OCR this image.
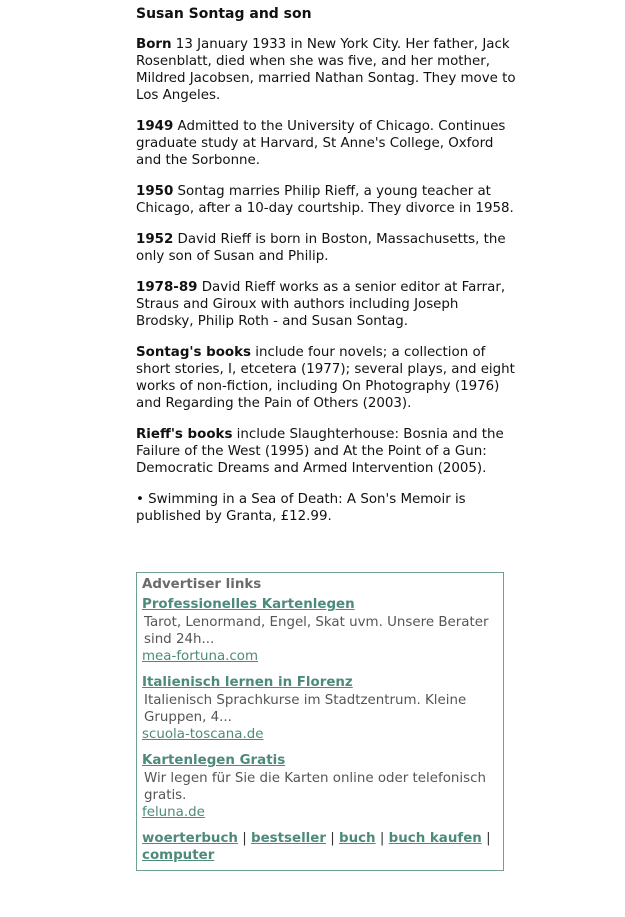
Susan Sontag and son

Born 13 January 1933 in New York City. Her father, Jack Rosenblatt, died when she was five, and her mother, Mildred Jacobsen, married Nathan Sontag. They move to Los Angeles.

1949 Admitted to the University of Chicago. Continues graduate study at Harvard, St Anne's College, Oxford and the Sorbonne.

1950 Sontag marries Philip Rieff, a young teacher at Chicago, after a 10-day courtship. They divorce in 1958.

1952 David Rieff is born in Boston, Massachusetts, the only son of Susan and Philip.

1978-89 David Rieff works as a senior editor at Farrar, Straus and Giroux with authors including Joseph Brodsky, Philip Roth - and Susan Sontag.

Sontag's books include four novels; a collection of short stories, I, etcetera (1977); several plays, and eight works of non-fiction, including On Photography (1976) and Regarding the Pain of Others (2003).

Rieff's books include Slaughterhouse: Bosnia and the Failure of the West (1995) and At the Point of a Gun: Democratic Dreams and Armed Intervention (2005).

• Swimming in a Sea of Death: A Son's Memoir is published by Granta, £12.99.

Advertiser links
Professionelles Kartenlegen
Tarot, Lenormand, Engel, Skat uvm. Unsere Berater sind 24h...
mea-fortuna.com
Italienisch lernen in Florenz
Italienisch Sprachkurse im Stadtzentrum. Kleine Gruppen, 4...
scuola-toscana.de
Kartenlegen Gratis
Wir legen für Sie die Karten online oder telefonisch gratis.
feluna.de
woerterbuch | bestseller | buch | buch kaufen | computer
